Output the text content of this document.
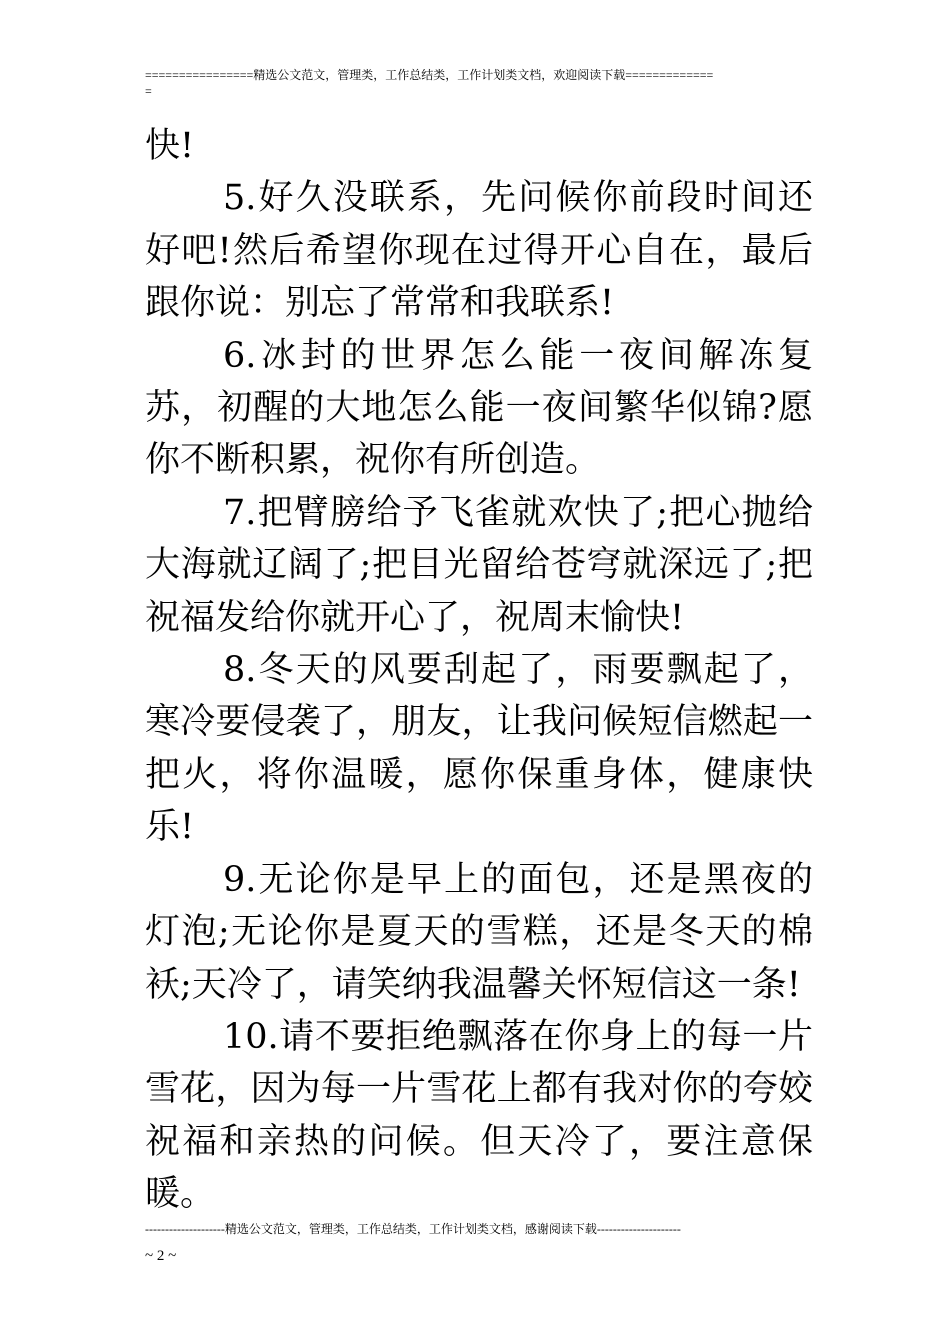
================精选公文范文，管理类，工作总结类，工作计划类文档，欢迎阅读下载=============
=

快!

5.好久没联系，先问候你前段时间还好吧!然后希望你现在过得开心自在，最后跟你说：别忘了常常和我联系!

6.冰封的世界怎么能一夜间解冻复苏，初醒的大地怎么能一夜间繁华似锦?愿你不断积累，祝你有所创造。

7.把臂膀给予飞雀就欢快了;把心抛给大海就辽阔了;把目光留给苍穹就深远了;把祝福发给你就开心了，祝周末愉快!

8.冬天的风要刮起了，雨要飘起了，寒冷要侵袭了，朋友，让我问候短信燃起一把火，将你温暖，愿你保重身体，健康快乐!

9.无论你是早上的面包，还是黑夜的灯泡;无论你是夏天的雪糕，还是冬天的棉袄;天冷了，请笑纳我温馨关怀短信这一条!

10.请不要拒绝飘落在你身上的每一片雪花，因为每一片雪花上都有我对你的夸姣祝福和亲热的问候。但天冷了，要注意保暖。

--------------------精选公文范文，管理类，工作总结类，工作计划类文档，感谢阅读下载---------------------
~ 2 ~
